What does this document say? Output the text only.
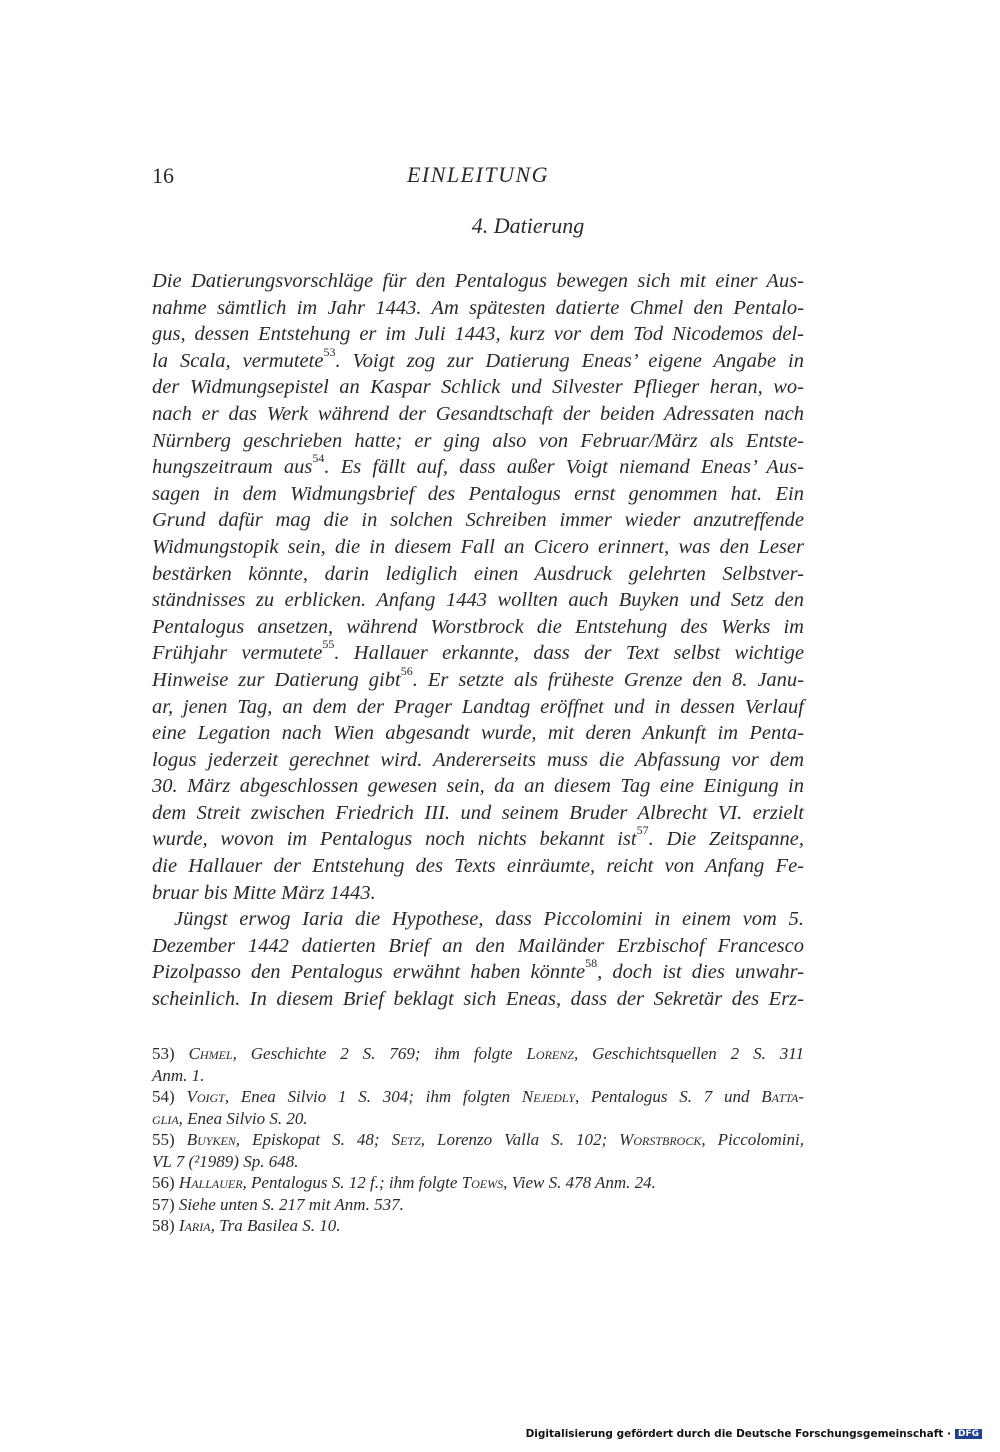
16	EINLEITUNG
4. Datierung
Die Datierungsvorschläge für den Pentalogus bewegen sich mit einer Aus-
nahme sämtlich im Jahr 1443. Am spätesten datierte Chmel den Pentalo-
gus, dessen Entstehung er im Juli 1443, kurz vor dem Tod Nicodemos del-
la Scala, vermutete$^{53}$. Voigt zog zur Datierung Eneas’ eigene Angabe in
der Widmungsepistel an Kaspar Schlick und Silvester Pflieger heran, wo-
nach er das Werk während der Gesandtschaft der beiden Adressaten nach
Nürnberg geschrieben hatte; er ging also von Februar/März als Entste-
hungszeitraum aus$^{54}$. Es fällt auf, dass außer Voigt niemand Eneas’ Aus-
sagen in dem Widmungsbrief des Pentalogus ernst genommen hat. Ein
Grund dafür mag die in solchen Schreiben immer wieder anzutreffende
Widmungstopik sein, die in diesem Fall an Cicero erinnert, was den Leser
bestärken könnte, darin lediglich einen Ausdruck gelehrten Selbstver-
ständnisses zu erblicken. Anfang 1443 wollten auch Buyken und Setz den
Pentalogus ansetzen, während Worstbrock die Entstehung des Werks im
Frühjahr vermutete$^{55}$. Hallauer erkannte, dass der Text selbst wichtige
Hinweise zur Datierung gibt$^{56}$. Er setzte als früheste Grenze den 8. Janu-
ar, jenen Tag, an dem der Prager Landtag eröffnet und in dessen Verlauf
eine Legation nach Wien abgesandt wurde, mit deren Ankunft im Penta-
logus jederzeit gerechnet wird. Andererseits muss die Abfassung vor dem
30. März abgeschlossen gewesen sein, da an diesem Tag eine Einigung in
dem Streit zwischen Friedrich III. und seinem Bruder Albrecht VI. erzielt
wurde, wovon im Pentalogus noch nichts bekannt ist$^{57}$. Die Zeitspanne,
die Hallauer der Entstehung des Texts einräumte, reicht von Anfang Fe-
bruar bis Mitte März 1443.
Jüngst erwog Iaria die Hypothese, dass Piccolomini in einem vom 5.
Dezember 1442 datierten Brief an den Mailänder Erzbischof Francesco
Pizolpasso den Pentalogus erwähnt haben könnte$^{58}$, doch ist dies unwahr-
scheinlich. In diesem Brief beklagt sich Eneas, dass der Sekretär des Erz-
53) Chmel, Geschichte 2 S. 769; ihm folgte Lorenz, Geschichtsquellen 2 S. 311
Anm. 1.
54) Voigt, Enea Silvio 1 S. 304; ihm folgten Nejedly, Pentalogus S. 7 und Batta-
glia, Enea Silvio S. 20.
55) Buyken, Episkopat S. 48; Setz, Lorenzo Valla S. 102; Worstbrock, Piccolomini,
VL 7 (²1989) Sp. 648.
56) Hallauer, Pentalogus S. 12 f.; ihm folgte Toews, View S. 478 Anm. 24.
57) Siehe unten S. 217 mit Anm. 537.
58) Iaria, Tra Basilea S. 10.
Digitalisierung gefördert durch die Deutsche Forschungsgemeinschaft · DFG
